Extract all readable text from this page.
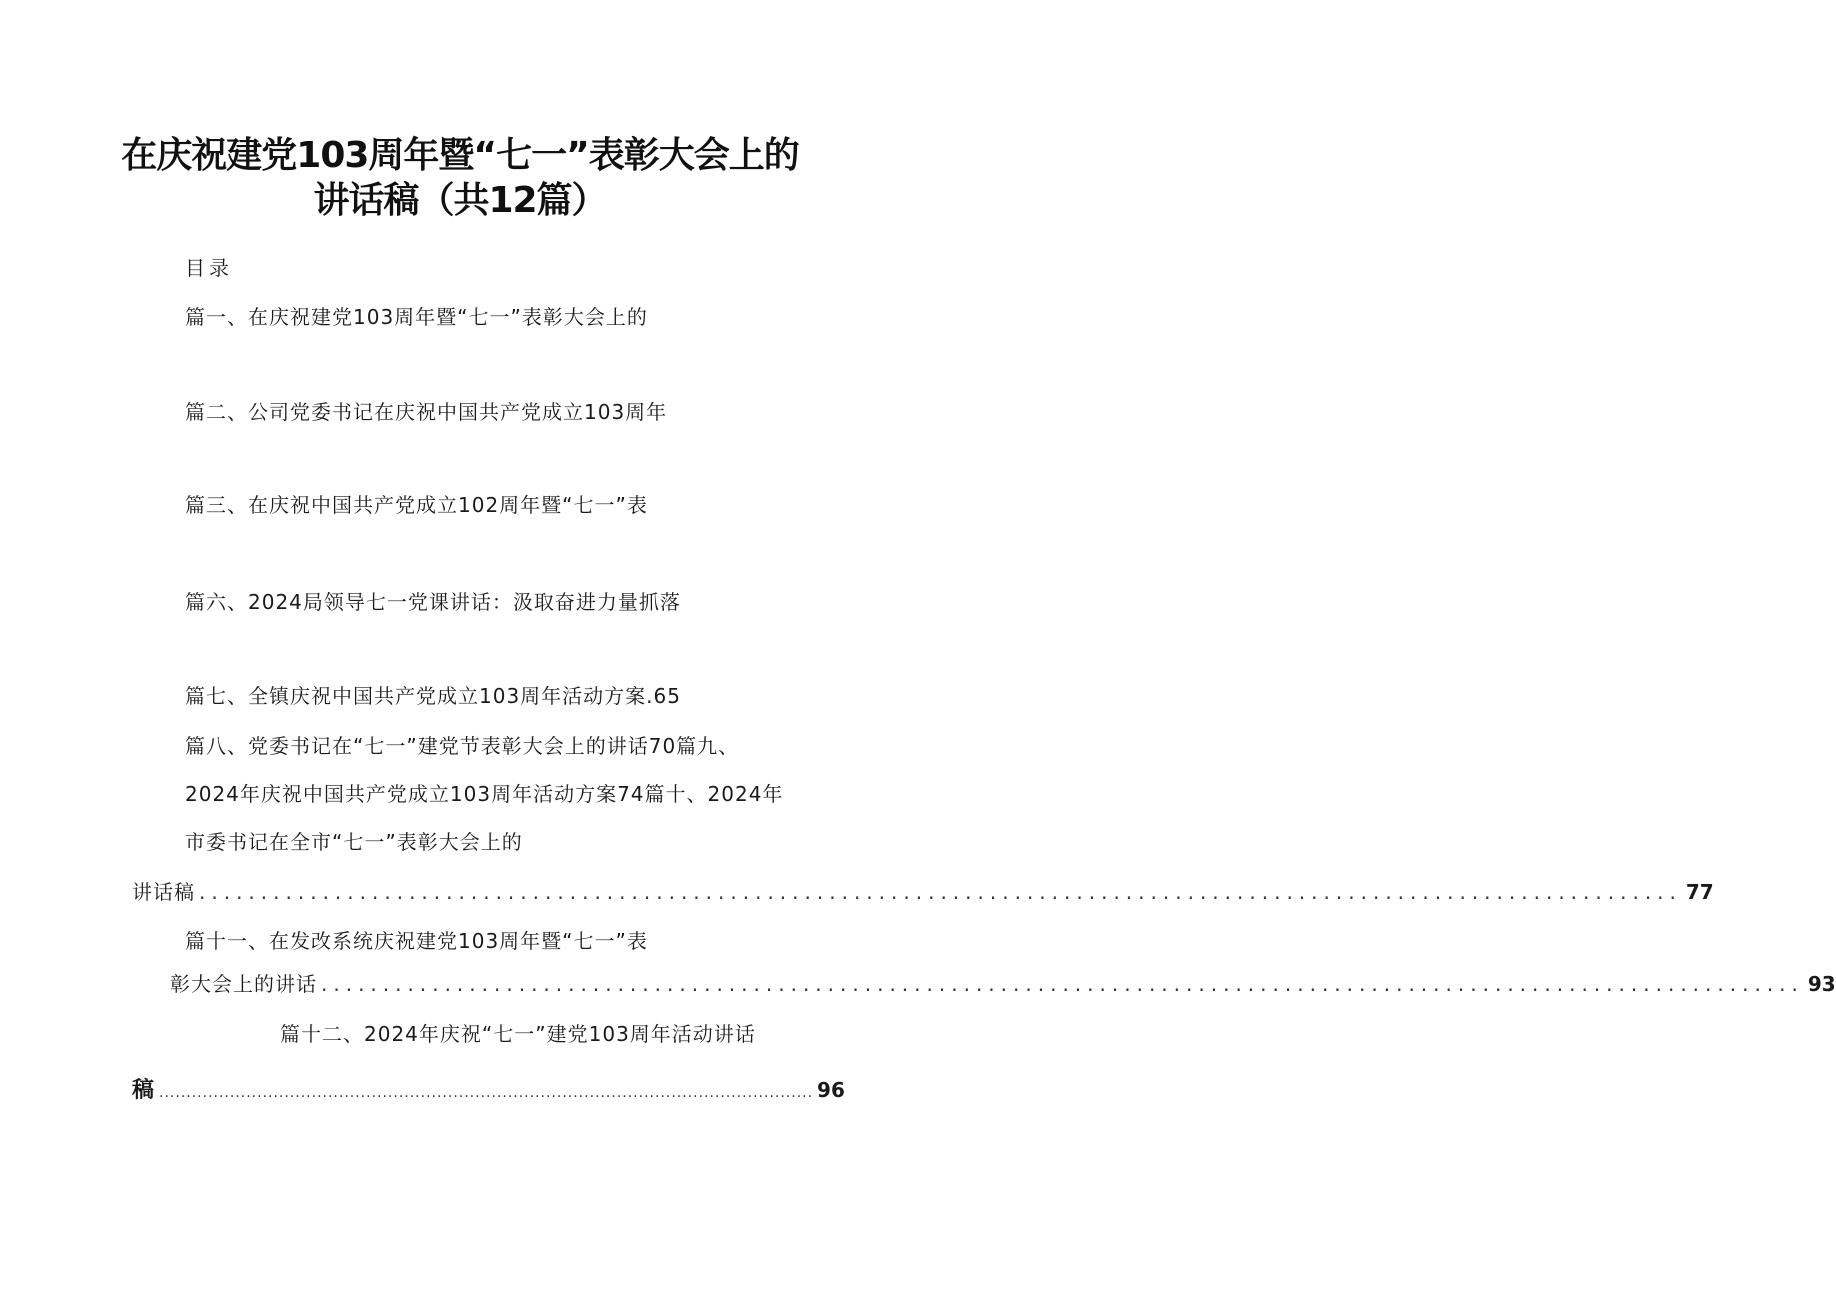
在庆祝建党103周年暨“七一”表彰大会上的
讲话稿（共12篇）
目录
篇一、在庆祝建党103周年暨“七一”表彰大会上的
篇二、公司党委书记在庆祝中国共产党成立103周年
篇三、在庆祝中国共产党成立102周年暨“七一”表
篇六、2024局领导七一党课讲话：汲取奋进力量抓落
篇七、全镇庆祝中国共产党成立103周年活动方案.65
篇八、党委书记在“七一”建党节表彰大会上的讲话70篇九、
2024年庆祝中国共产党成立103周年活动方案74篇十、2024年
市委书记在全市“七一”表彰大会上的
讲话稿 ........................................................................................................................ 77
篇十一、在发改系统庆祝建党103周年暨“七一”表
彰大会上的讲话 ........................................................................................................................ 93
篇十二、2024年庆祝“七一”建党103周年活动讲话
稿 ........................................................................................................................ 96
